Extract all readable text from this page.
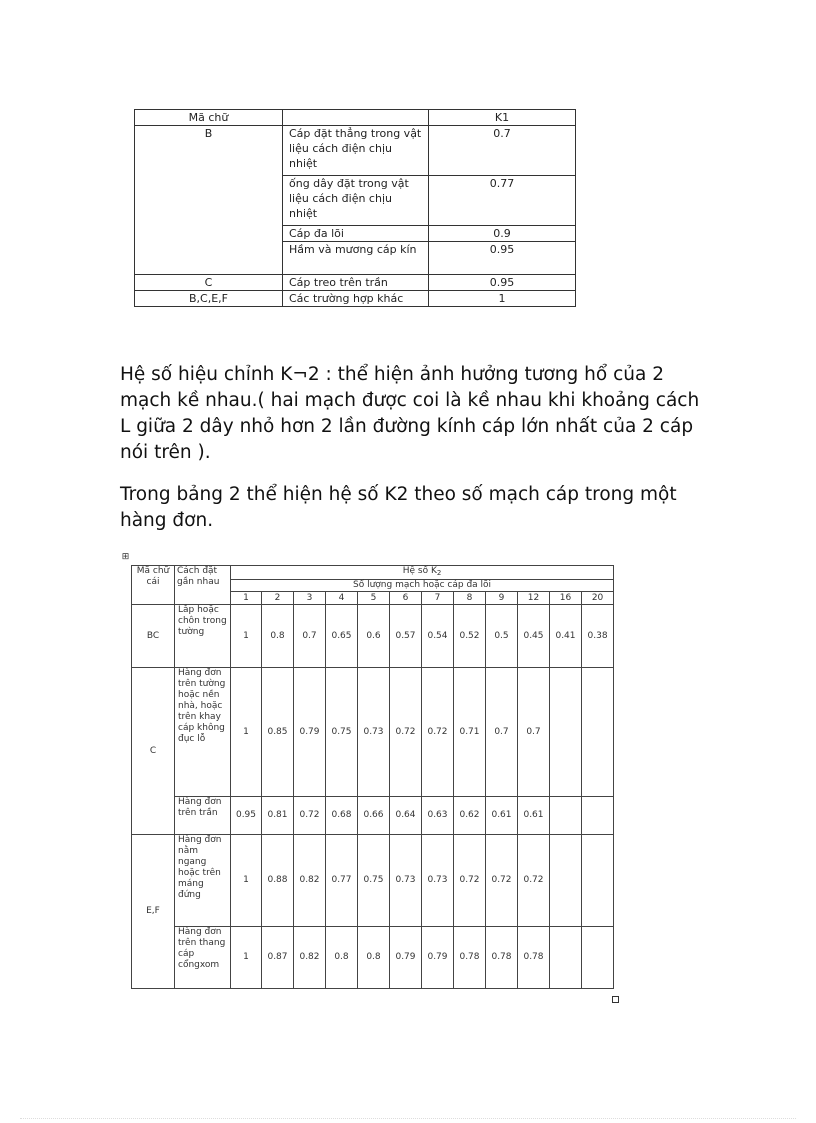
Mã chữ		K1
B	Cáp đặt thẳng trong vật liệu cách điện chịu nhiệt	0.7
	ống dây đặt trong vật liệu cách điện chịu nhiệt	0.77
	Cáp đa lõi	0.9
	Hầm và mương cáp kín	0.95
C	Cáp treo trên trần	0.95
B,C,E,F	Các trường hợp khác	1

Hệ số hiệu chỉnh K¬2 : thể hiện ảnh hưởng tương hổ của 2 mạch kề nhau.( hai mạch được coi là kề nhau khi khoảng cách L giữa 2 dây nhỏ hơn 2 lần đường kính cáp lớn nhất của 2 cáp nói trên ).

Trong bảng 2 thể hiện hệ số K2 theo số mạch cáp trong một hàng đơn.

⊞
Mã chữ cái	Cách đặt gần nhau	Hệ số $K_2$
		Số lượng mạch hoặc cáp đa lõi											
		1	2	3	4	5	6	7	8	9	12	16	20
BC	Lắp hoặc chôn trong tường	1	0.8	0.7	0.65	0.6	0.57	0.54	0.52	0.5	0.45	0.41	0.38
C	Hàng đơn trên tường hoặc nền nhà, hoặc trên khay cáp không đục lỗ	1	0.85	0.79	0.75	0.73	0.72	0.72	0.71	0.7	0.7		
	Hàng đơn trên trần	0.95	0.81	0.72	0.68	0.66	0.64	0.63	0.62	0.61	0.61		
E,F	Hàng đơn nằm ngang hoặc trên máng đứng	1	0.88	0.82	0.77	0.75	0.73	0.73	0.72	0.72	0.72		
	Hàng đơn trên thang cáp cổngxom	1	0.87	0.82	0.8	0.8	0.79	0.79	0.78	0.78	0.78		
